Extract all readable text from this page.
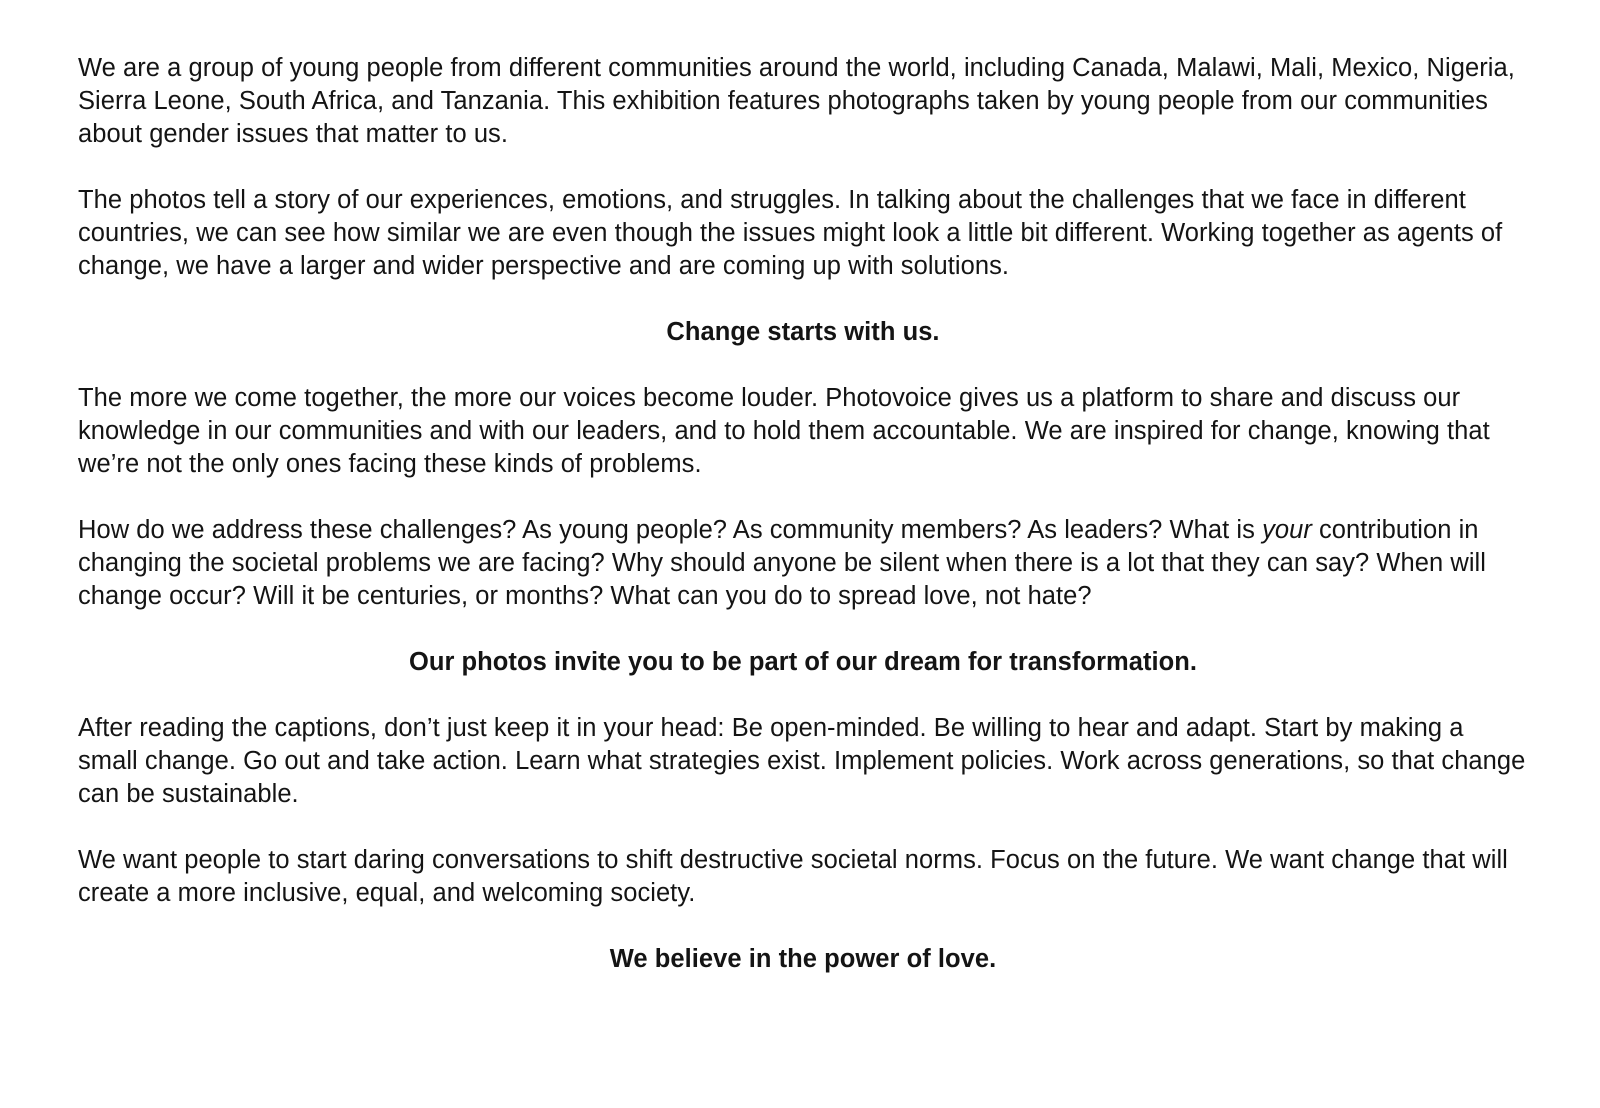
We are a group of young people from different communities around the world, including Canada, Malawi, Mali, Mexico, Nigeria, Sierra Leone, South Africa, and Tanzania. This exhibition features photographs taken by young people from our communities about gender issues that matter to us.

The photos tell a story of our experiences, emotions, and struggles. In talking about the challenges that we face in different countries, we can see how similar we are even though the issues might look a little bit different. Working together as agents of change, we have a larger and wider perspective and are coming up with solutions.

Change starts with us.

The more we come together, the more our voices become louder. Photovoice gives us a platform to share and discuss our knowledge in our communities and with our leaders, and to hold them accountable. We are inspired for change, knowing that we’re not the only ones facing these kinds of problems.

How do we address these challenges? As young people? As community members? As leaders? What is your contribution in changing the societal problems we are facing? Why should anyone be silent when there is a lot that they can say? When will change occur? Will it be centuries, or months? What can you do to spread love, not hate?

Our photos invite you to be part of our dream for transformation.

After reading the captions, don’t just keep it in your head: Be open-minded. Be willing to hear and adapt. Start by making a small change. Go out and take action. Learn what strategies exist. Implement policies. Work across generations, so that change can be sustainable.

We want people to start daring conversations to shift destructive societal norms. Focus on the future. We want change that will create a more inclusive, equal, and welcoming society.

We believe in the power of love.
